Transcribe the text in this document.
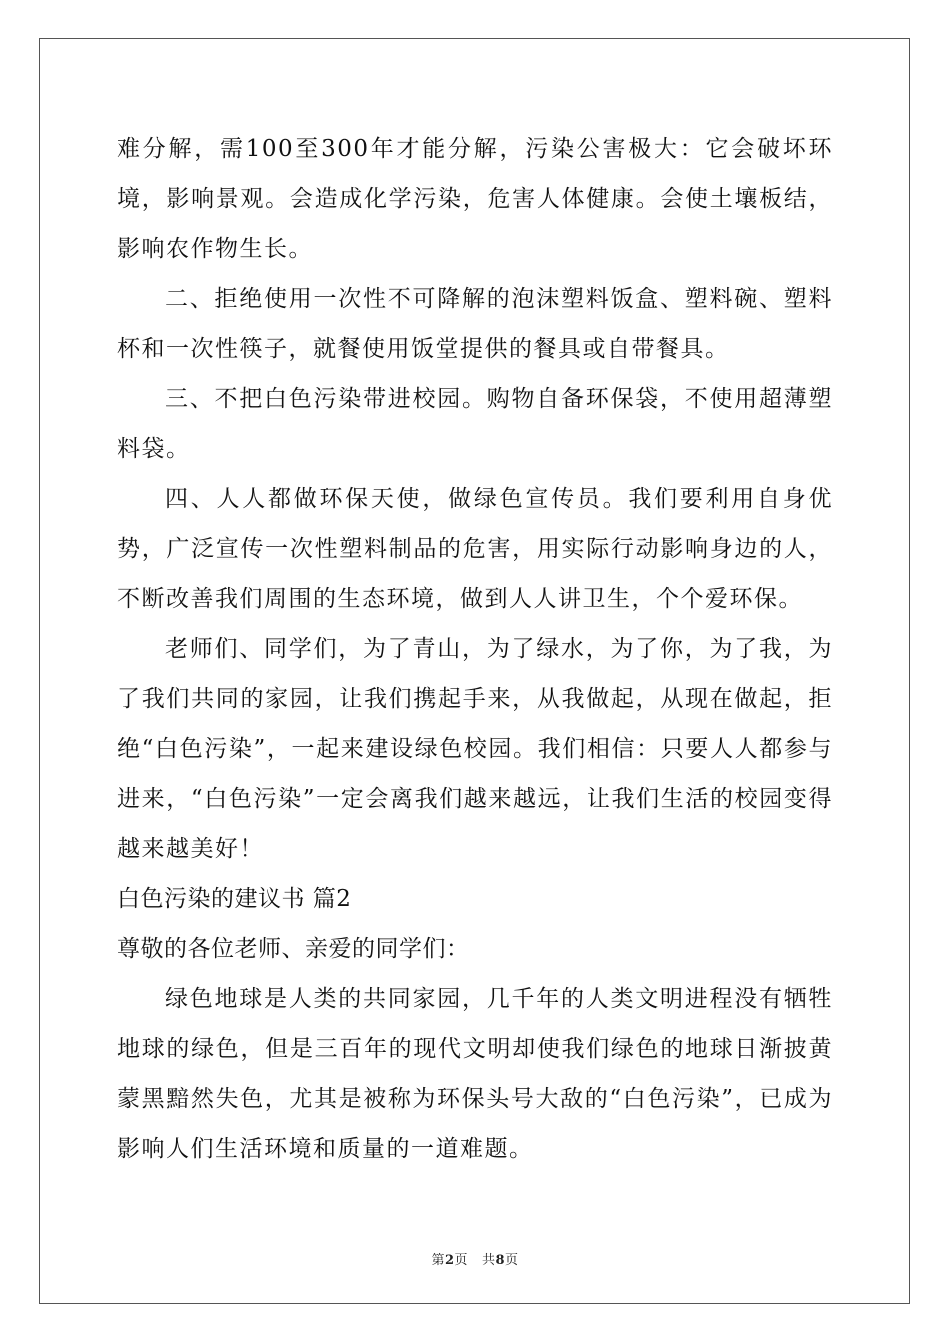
难分解，需100至300年才能分解，污染公害极大：它会破坏环境，影响景观。会造成化学污染，危害人体健康。会使土壤板结，影响农作物生长。

二、拒绝使用一次性不可降解的泡沫塑料饭盒、塑料碗、塑料杯和一次性筷子，就餐使用饭堂提供的餐具或自带餐具。

三、不把白色污染带进校园。购物自备环保袋，不使用超薄塑料袋。

四、人人都做环保天使，做绿色宣传员。我们要利用自身优势，广泛宣传一次性塑料制品的危害，用实际行动影响身边的人，不断改善我们周围的生态环境，做到人人讲卫生，个个爱环保。

老师们、同学们，为了青山，为了绿水，为了你，为了我，为了我们共同的家园，让我们携起手来，从我做起，从现在做起，拒绝“白色污染”，一起来建设绿色校园。我们相信：只要人人都参与进来，“白色污染”一定会离我们越来越远，让我们生活的校园变得越来越美好！

白色污染的建议书 篇2

尊敬的各位老师、亲爱的同学们：

绿色地球是人类的共同家园，几千年的人类文明进程没有牺牲地球的绿色，但是三百年的现代文明却使我们绿色的地球日渐披黄蒙黑黯然失色，尤其是被称为环保头号大敌的“白色污染”，已成为影响人们生活环境和质量的一道难题。

第2页 共8页
